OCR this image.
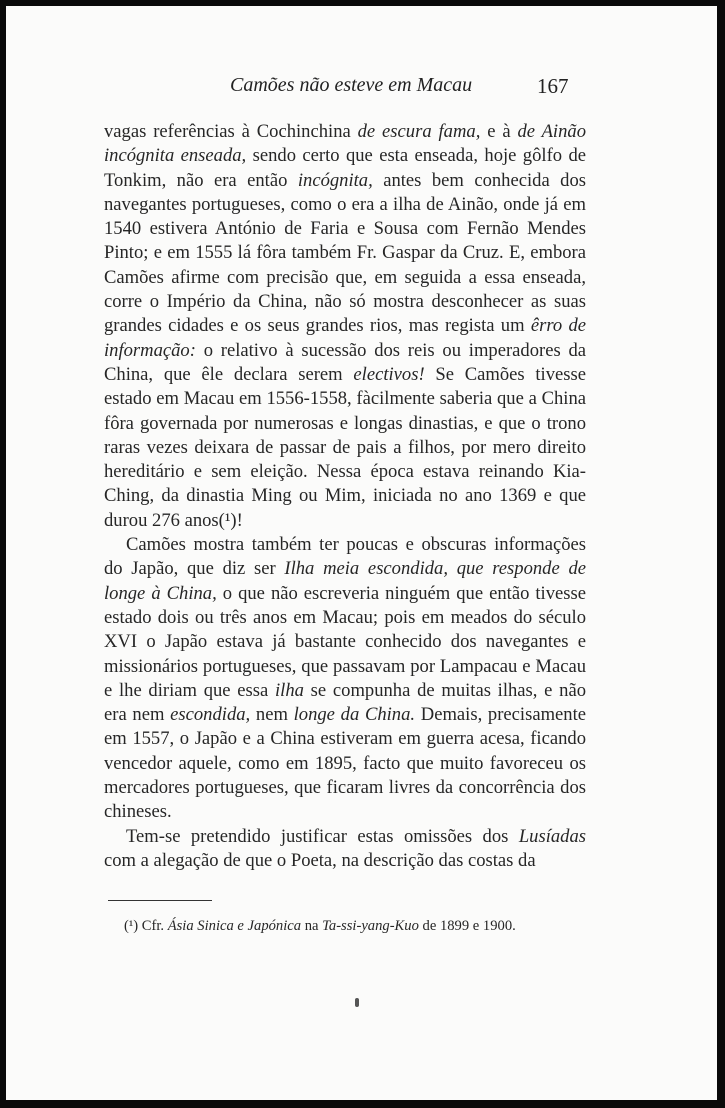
Camões não esteve em Macau	167

vagas referências à Cochinchina de escura fama, e à de Ainão incógnita enseada, sendo certo que esta enseada, hoje gôlfo de Tonkim, não era então incógnita, antes bem conhecida dos navegantes portugueses, como o era a ilha de Ainão, onde já em 1540 estivera António de Faria e Sousa com Fernão Mendes Pinto; e em 1555 lá fôra também Fr. Gaspar da Cruz. E, embora Camões afirme com precisão que, em seguida a essa enseada, corre o Império da China, não só mostra desconhecer as suas grandes cidades e os seus grandes rios, mas regista um êrro de informação: o relativo à sucessão dos reis ou imperadores da China, que êle declara serem electivos! Se Camões tivesse estado em Macau em 1556-1558, fàcilmente saberia que a China fôra governada por numerosas e longas dinastias, e que o trono raras vezes deixara de passar de pais a filhos, por mero direito hereditário e sem eleição. Nessa época estava reinando Kia-Ching, da dinastia Ming ou Mim, iniciada no ano 1369 e que durou 276 anos(¹)!

Camões mostra também ter poucas e obscuras informações do Japão, que diz ser Ilha meia escondida, que responde de longe à China, o que não escreveria ninguém que então tivesse estado dois ou três anos em Macau; pois em meados do século XVI o Japão estava já bastante conhecido dos navegantes e missionários portugueses, que passavam por Lampacau e Macau e lhe diriam que essa ilha se compunha de muitas ilhas, e não era nem escondida, nem longe da China. Demais, precisamente em 1557, o Japão e a China estiveram em guerra acesa, ficando vencedor aquele, como em 1895, facto que muito favoreceu os mercadores portugueses, que ficaram livres da concorrência dos chineses.

Tem-se pretendido justificar estas omissões dos Lusíadas com a alegação de que o Poeta, na descrição das costas da

(¹) Cfr. Ásia Sinica e Japónica na Ta-ssi-yang-Kuo de 1899 e 1900.
